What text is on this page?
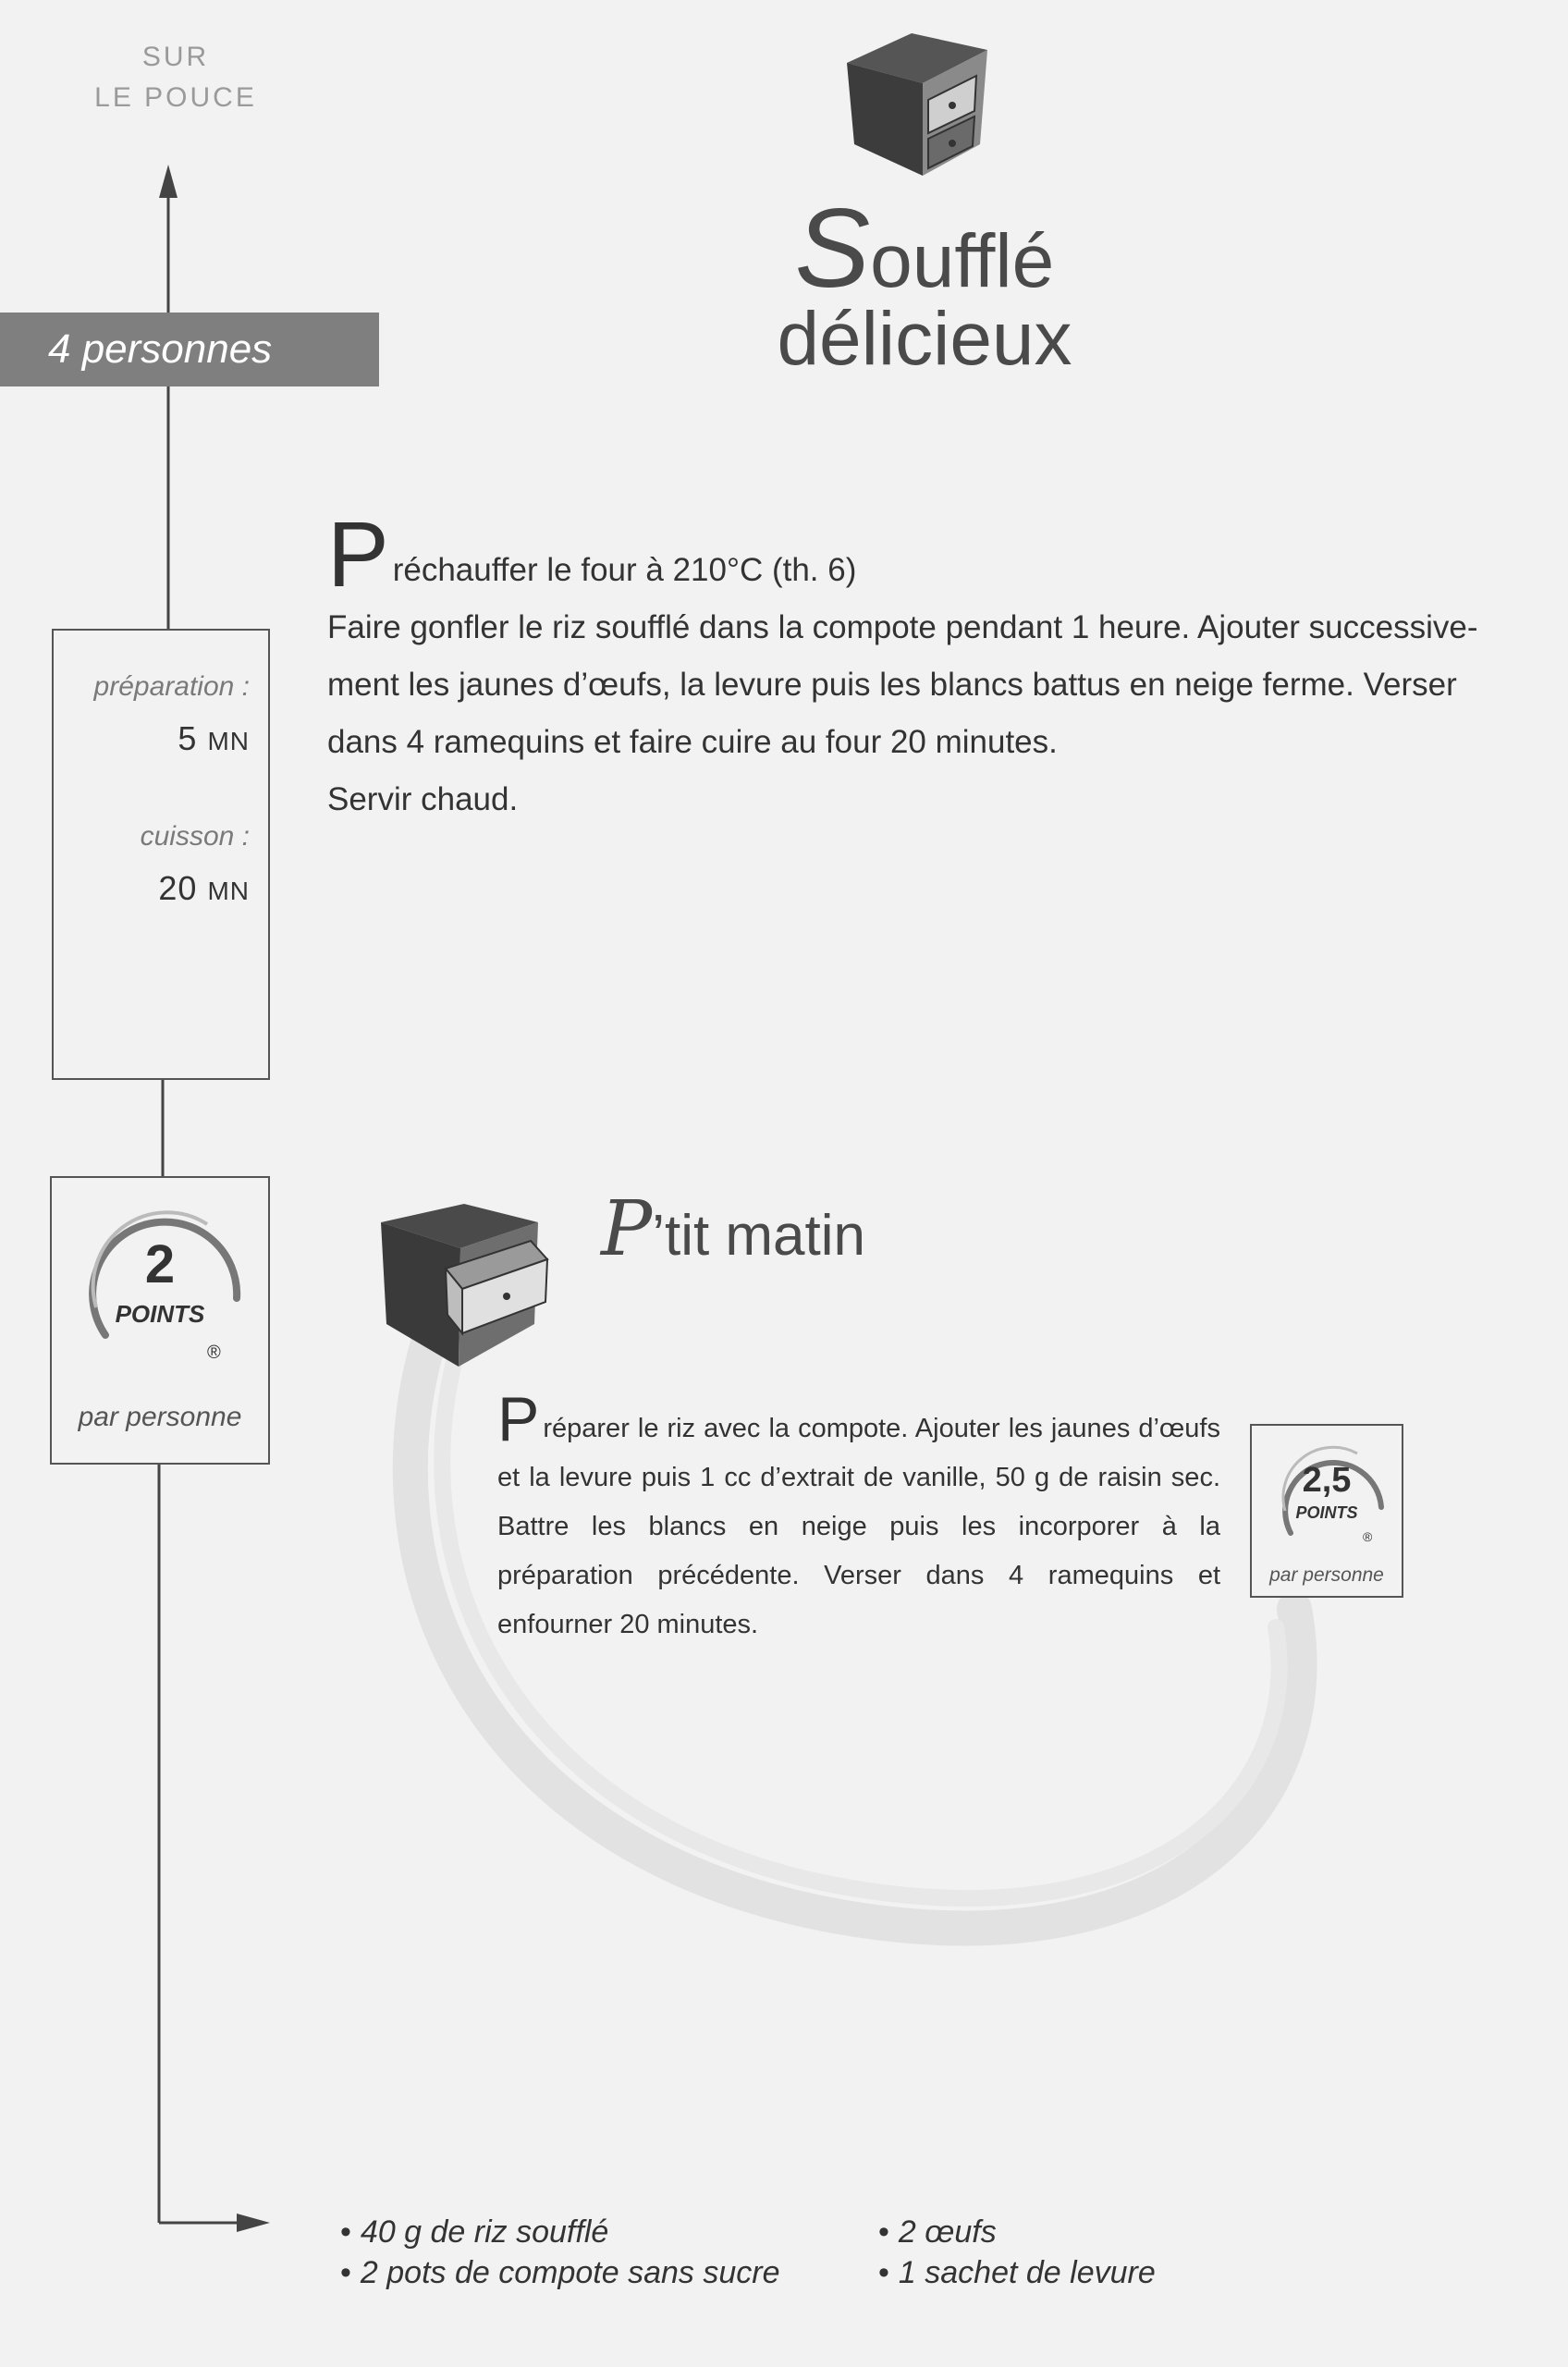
SUR
LE POUCE
4 personnes
préparation :
5 MN
cuisson :
20 MN
2
POINTS
®
par personne
Soufflé
délicieux
Préchauffer le four à 210°C (th. 6)
Faire gonfler le riz soufflé dans la compote pendant 1 heure. Ajouter successive-
ment les jaunes d’œufs, la levure puis les blancs battus en neige ferme. Verser
dans 4 ramequins et faire cuire au four 20 minutes.
Servir chaud.
P’tit matin
Préparer le riz avec la compote. Ajouter les jaunes d’œufs et la levure puis 1 cc d’extrait de vanille, 50 g de raisin sec. Battre les blancs en neige puis les incorporer à la préparation précédente. Verser dans 4 ramequins et enfourner 20 minutes.
2,5
POINTS
®
par personne
• 40 g de riz soufflé
• 2 pots de compote sans sucre
• 2 œufs
• 1 sachet de levure
